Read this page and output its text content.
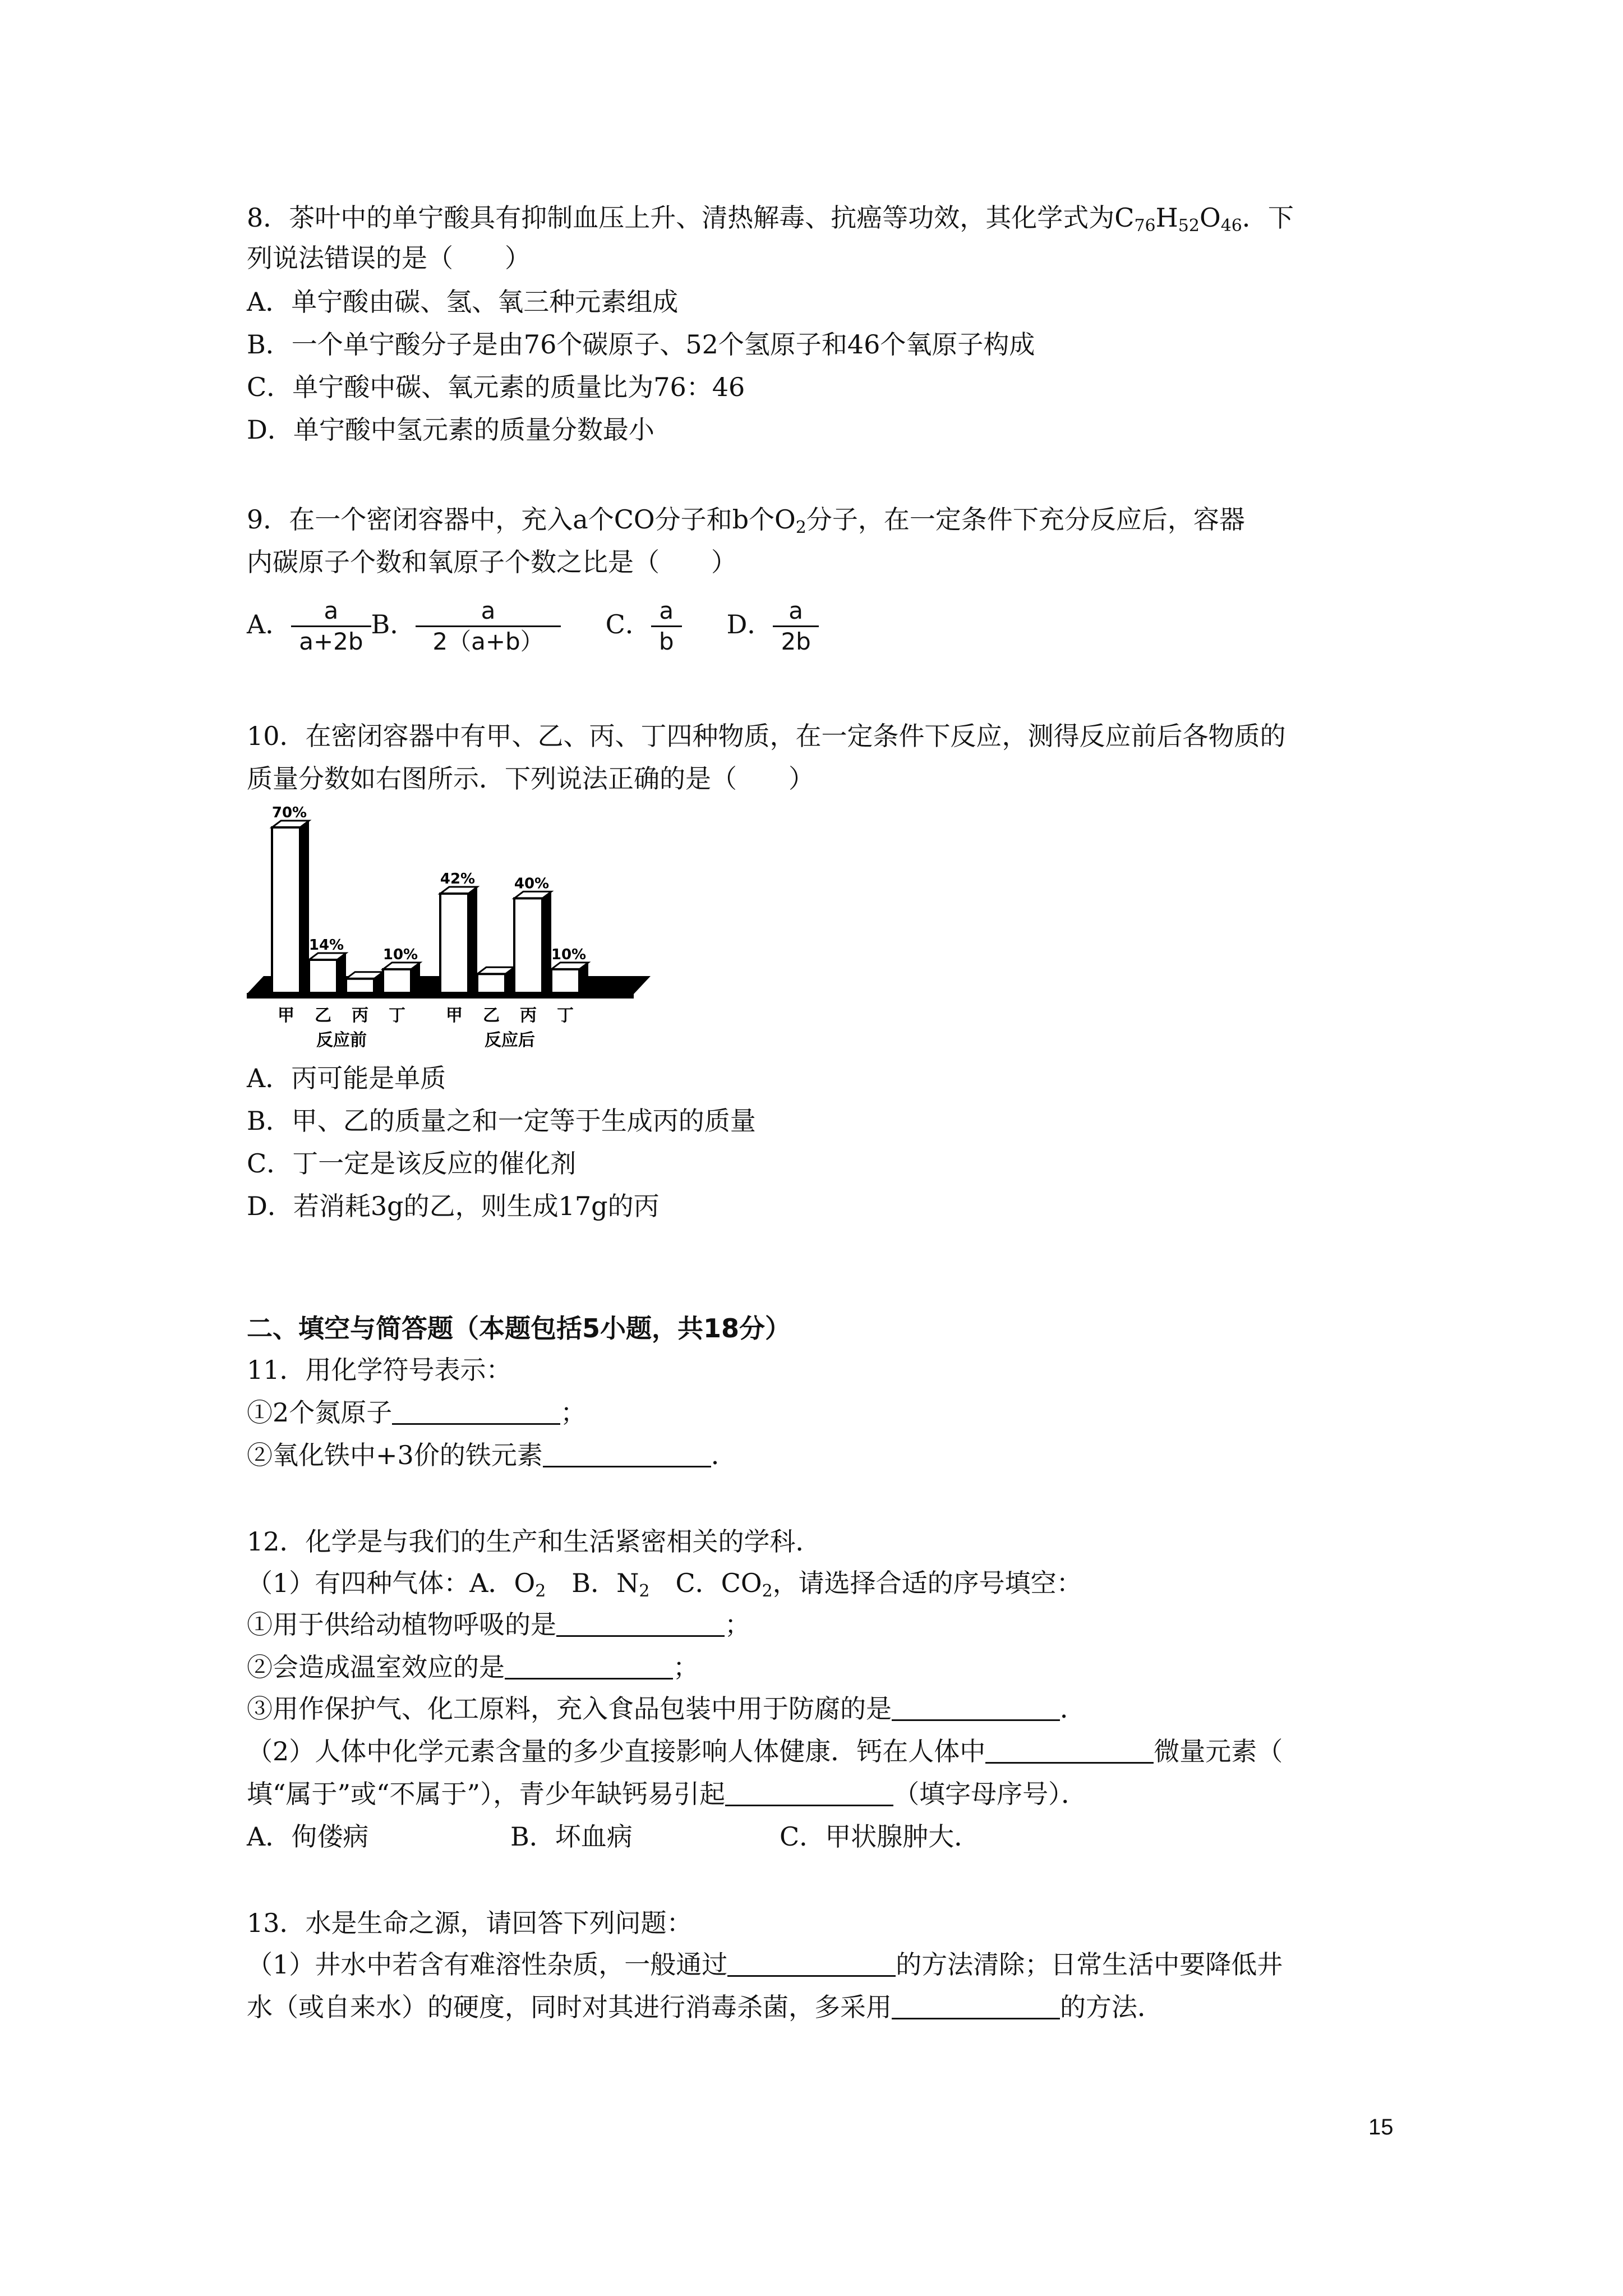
8．茶叶中的单宁酸具有抑制血压上升、清热解毒、抗癌等功效，其化学式为$C_{76}H_{52}O_{46}$．下
列说法错误的是（　　）
A．单宁酸由碳、氢、氧三种元素组成
B．一个单宁酸分子是由76个碳原子、52个氢原子和46个氧原子构成
C．单宁酸中碳、氧元素的质量比为76：46
D．单宁酸中氢元素的质量分数最小
9．在一个密闭容器中，充入a个CO分子和b个$O_2$分子，在一定条件下充分反应后，容器
内碳原子个数和氧原子个数之比是（　　）
A． $\frac{a}{a+2b}$ B． $\frac{a}{2(a+b)}$ C． $\frac{a}{b}$ D． $\frac{a}{2b}$
10．在密闭容器中有甲、乙、丙、丁四种物质，在一定条件下反应，测得反应前后各物质的
质量分数如右图所示．下列说法正确的是（　　）
70%
甲
14%
乙 丙
10%
丁
反应前
42%
甲 乙
40%
丙
10%
丁
反应后
A．丙可能是单质
B．甲、乙的质量之和一定等于生成丙的质量
C．丁一定是该反应的催化剂
D．若消耗3g的乙，则生成17g的丙
二、填空与简答题（本题包括5小题，共18分）
11．用化学符号表示：
①2个氮原子	；
②氧化铁中+3价的铁元素	．
12．化学是与我们的生产和生活紧密相关的学科．
（1）有四种气体：A．$O_2$　B．$N_2$　C．$CO_2$，请选择合适的序号填空：
①用于供给动植物呼吸的是	；
②会造成温室效应的是	；
③用作保护气、化工原料，充入食品包装中用于防腐的是	．
（2）人体中化学元素含量的多少直接影响人体健康．钙在人体中	微量元素（
填“属于”或“不属于”），青少年缺钙易引起	（填字母序号）．
A．佝偻病	B．坏血病	C．甲状腺肿大．
13．水是生命之源，请回答下列问题：
（1）井水中若含有难溶性杂质，一般通过	的方法清除；日常生活中要降低井
水（或自来水）的硬度，同时对其进行消毒杀菌，多采用	的方法．
15
